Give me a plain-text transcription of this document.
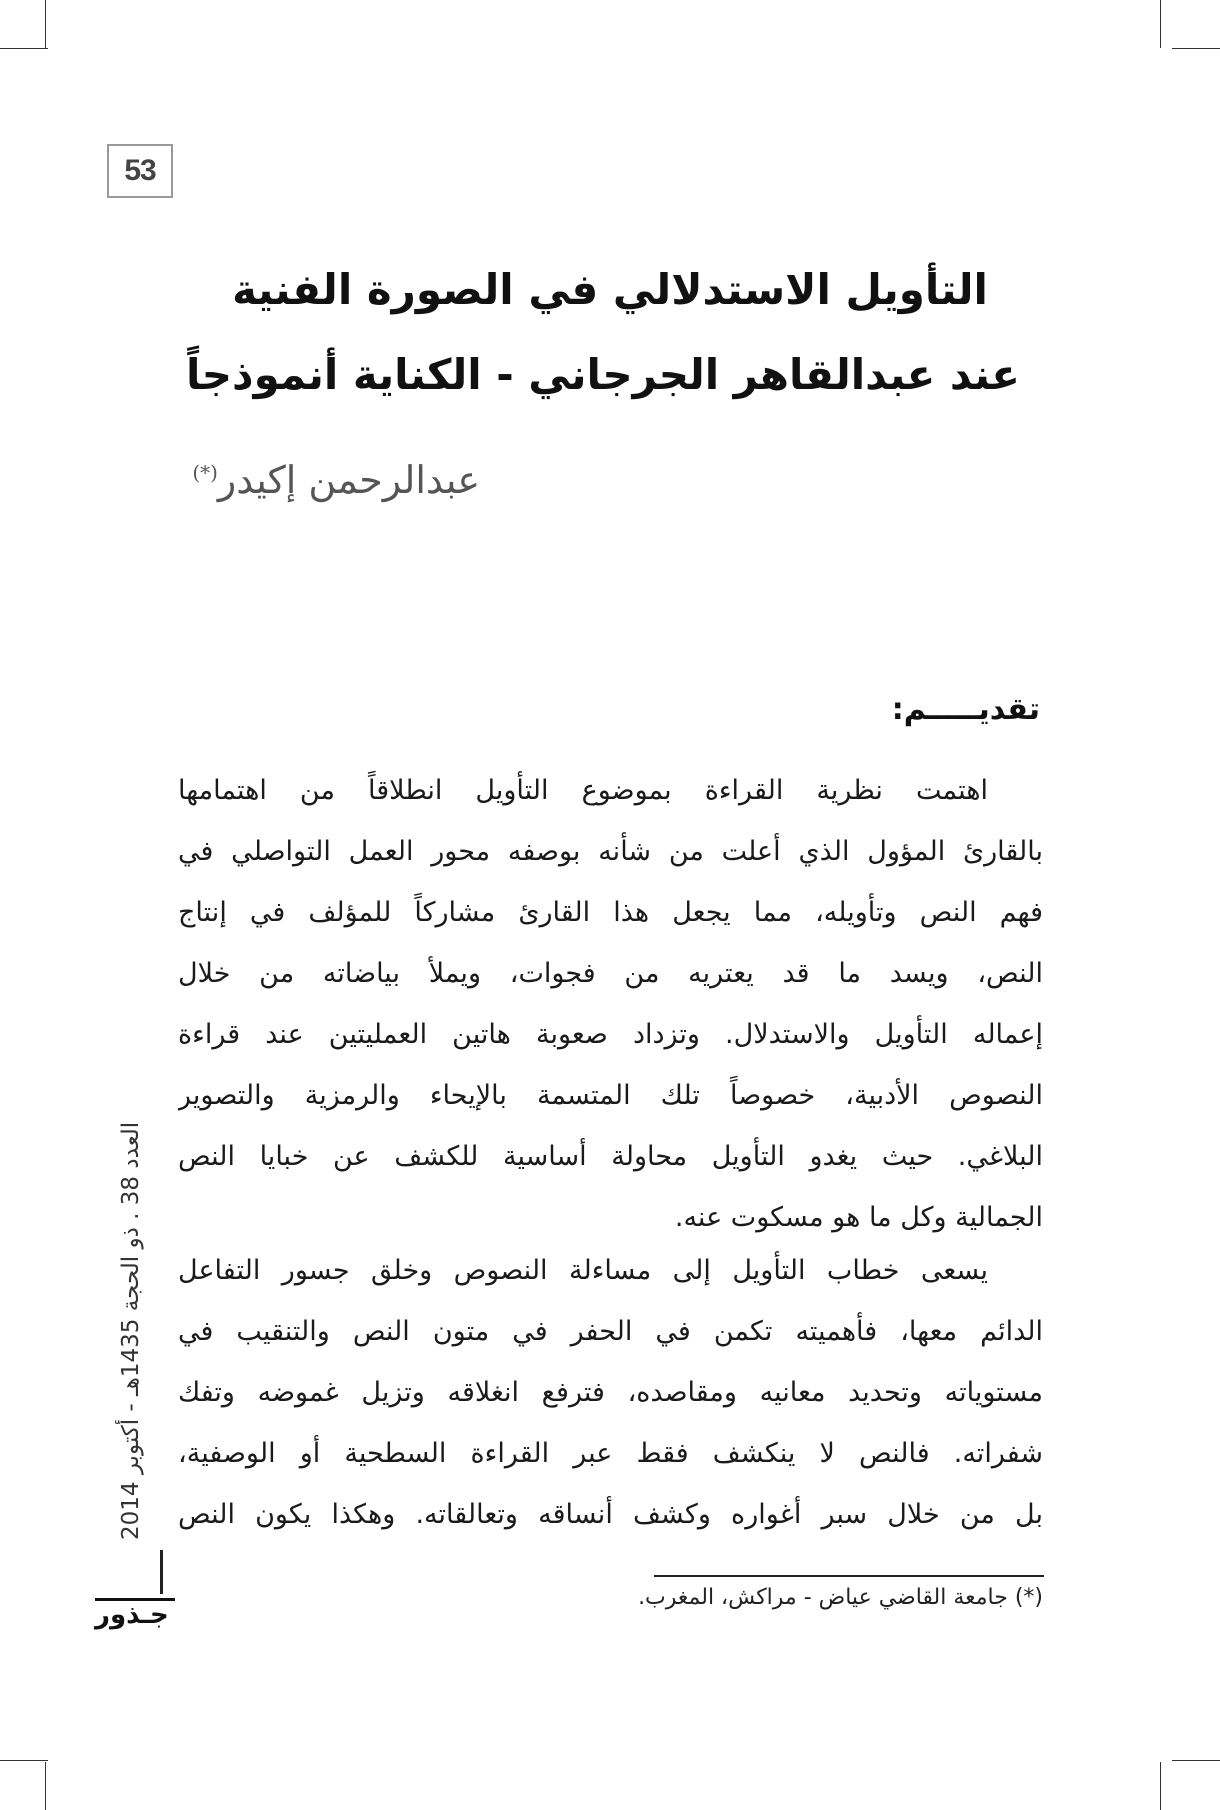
53
التأويل الاستدلالي في الصورة الفنية
عند عبدالقاهر الجرجاني - الكناية أنموذجاً
عبدالرحمن إكيدر(*)
تقديـــــم:
اهتمت نظرية القراءة بموضوع التأويل انطلاقاً من اهتمامها
بالقارئ المؤول الذي أعلت من شأنه بوصفه محور العمل التواصلي في
فهم النص وتأويله، مما يجعل هذا القارئ مشاركاً للمؤلف في إنتاج
النص، ويسد ما قد يعتريه من فجوات، ويملأ بياضاته من خلال
إعماله التأويل والاستدلال. وتزداد صعوبة هاتين العمليتين عند قراءة
النصوص الأدبية، خصوصاً تلك المتسمة بالإيحاء والرمزية والتصوير
البلاغي. حيث يغدو التأويل محاولة أساسية للكشف عن خبايا النص
الجمالية وكل ما هو مسكوت عنه.
يسعى خطاب التأويل إلى مساءلة النصوص وخلق جسور التفاعل
الدائم معها، فأهميته تكمن في الحفر في متون النص والتنقيب في
مستوياته وتحديد معانيه ومقاصده، فترفع انغلاقه وتزيل غموضه وتفك
شفراته. فالنص لا ينكشف فقط عبر القراءة السطحية أو الوصفية،
بل من خلال سبر أغواره وكشف أنساقه وتعالقاته. وهكذا يكون النص
(*) جامعة القاضي عياض - مراكش، المغرب.
العدد 38 . ذو الحجة 1435هـ - أكتوبر 2014
جـذور
